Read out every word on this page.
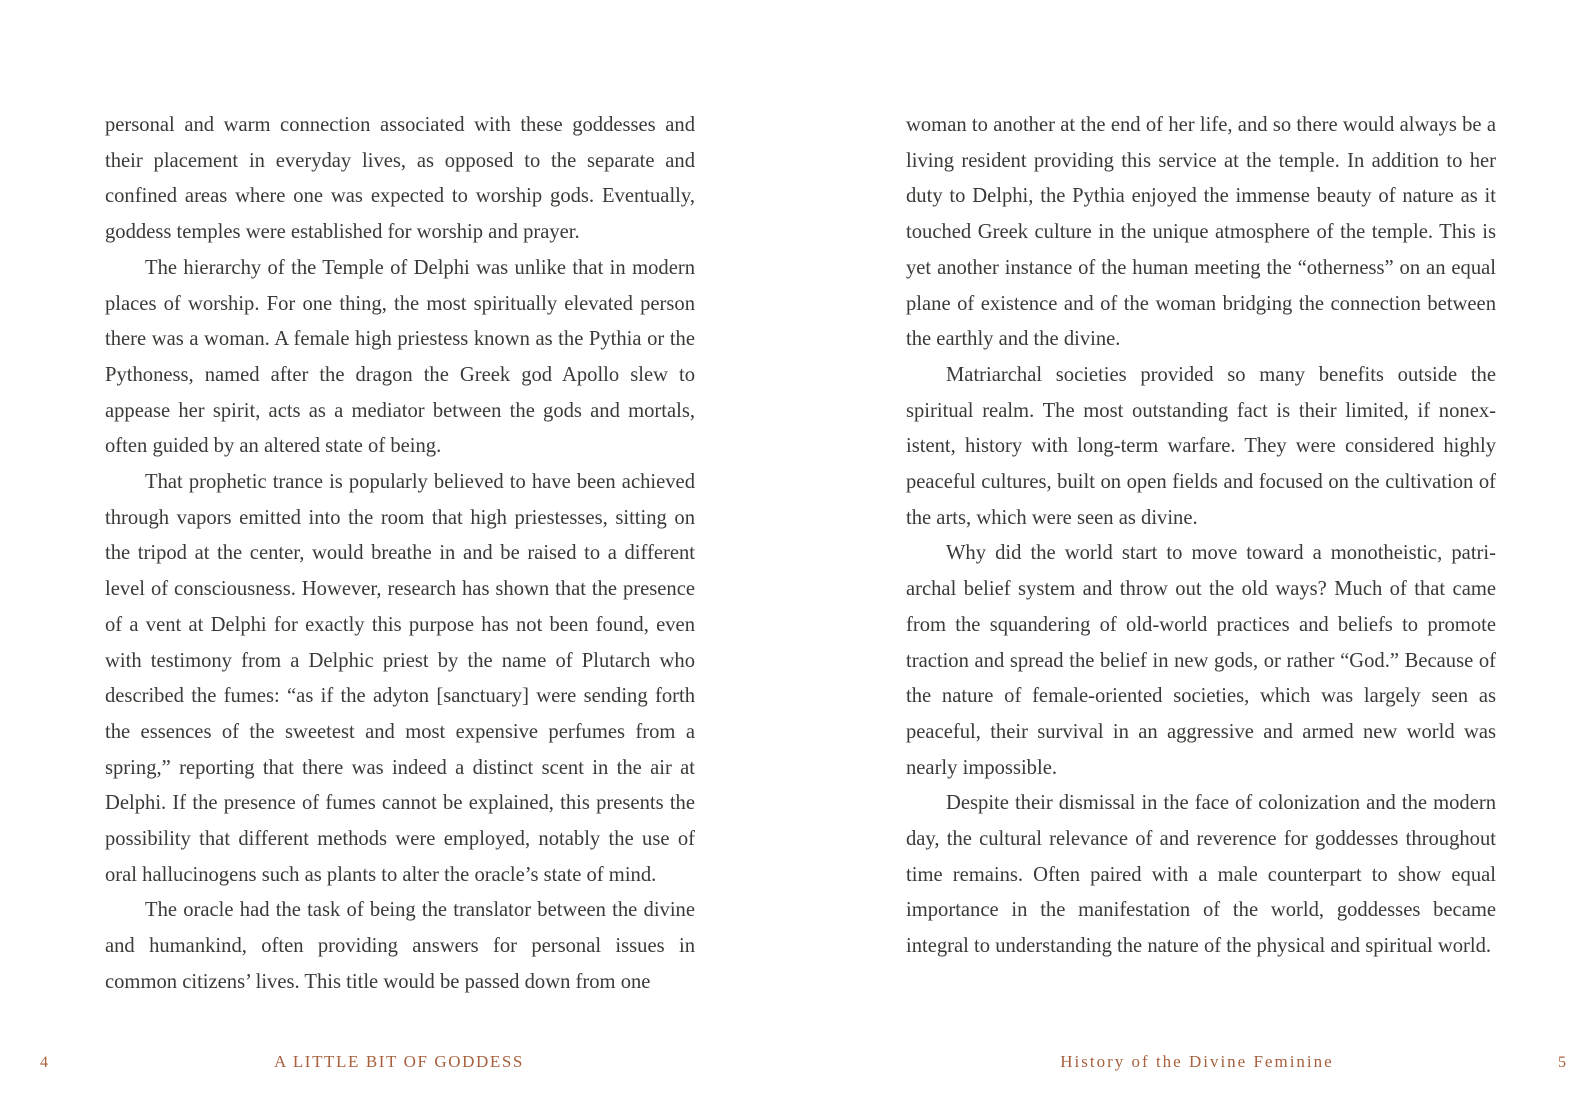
personal and warm connection associated with these goddesses and their placement in everyday lives, as opposed to the separate and confined areas where one was expected to worship gods. Eventually, goddess temples were established for worship and prayer.

The hierarchy of the Temple of Delphi was unlike that in modern places of worship. For one thing, the most spiritually elevated person there was a woman. A female high priestess known as the Pythia or the Pythoness, named after the dragon the Greek god Apollo slew to appease her spirit, acts as a mediator between the gods and mortals, often guided by an altered state of being.

That prophetic trance is popularly believed to have been achieved through vapors emitted into the room that high priestesses, sitting on the tripod at the center, would breathe in and be raised to a different level of consciousness. However, research has shown that the presence of a vent at Delphi for exactly this purpose has not been found, even with testimony from a Delphic priest by the name of Plutarch who described the fumes: “as if the adyton [sanctuary] were sending forth the essences of the sweetest and most expensive perfumes from a spring,” reporting that there was indeed a distinct scent in the air at Delphi. If the presence of fumes cannot be explained, this presents the possibility that different methods were employed, notably the use of oral hallucinogens such as plants to alter the oracle’s state of mind.

The oracle had the task of being the translator between the divine and humankind, often providing answers for personal issues in common citizens’ lives. This title would be passed down from one

4	A LITTLE BIT OF GODDESS

woman to another at the end of her life, and so there would always be a living resident providing this service at the temple. In addition to her duty to Delphi, the Pythia enjoyed the immense beauty of nature as it touched Greek culture in the unique atmosphere of the temple. This is yet another instance of the human meeting the “otherness” on an equal plane of existence and of the woman bridging the connection between the earthly and the divine.

Matriarchal societies provided so many benefits outside the spiritual realm. The most outstanding fact is their limited, if nonexistent, history with long-term warfare. They were considered highly peaceful cultures, built on open fields and focused on the cultivation of the arts, which were seen as divine.

Why did the world start to move toward a monotheistic, patriarchal belief system and throw out the old ways? Much of that came from the squandering of old-world practices and beliefs to promote traction and spread the belief in new gods, or rather “God.” Because of the nature of female-oriented societies, which was largely seen as peaceful, their survival in an aggressive and armed new world was nearly impossible.

Despite their dismissal in the face of colonization and the modern day, the cultural relevance of and reverence for goddesses throughout time remains. Often paired with a male counterpart to show equal importance in the manifestation of the world, goddesses became integral to understanding the nature of the physical and spiritual world.

History of the Divine Feminine	5
